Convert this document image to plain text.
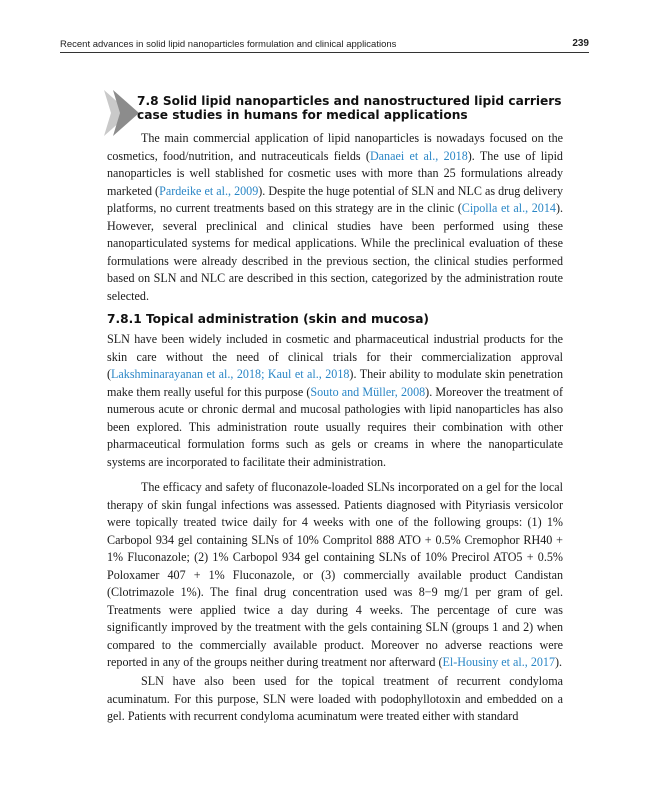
Recent advances in solid lipid nanoparticles formulation and clinical applications	239
7.8 Solid lipid nanoparticles and nanostructured lipid carriers
case studies in humans for medical applications

The main commercial application of lipid nanoparticles is nowadays focused on the cosmetics, food/nutrition, and nutraceuticals fields (Danaei et al., 2018). The use of lipid nanoparticles is well stablished for cosmetic uses with more than 25 formulations already marketed (Pardeike et al., 2009). Despite the huge potential of SLN and NLC as drug delivery platforms, no current treatments based on this strategy are in the clinic (Cipolla et al., 2014). However, several preclinical and clinical studies have been performed using these nanoparticulated systems for medical applications. While the preclinical evaluation of these formulations were already described in the previous section, the clinical studies performed based on SLN and NLC are described in this section, categorized by the administration route selected.

7.8.1 Topical administration (skin and mucosa)

SLN have been widely included in cosmetic and pharmaceutical industrial products for the skin care without the need of clinical trials for their commercialization approval (Lakshminarayanan et al., 2018; Kaul et al., 2018). Their ability to modulate skin penetration make them really useful for this purpose (Souto and Müller, 2008). Moreover the treatment of numerous acute or chronic dermal and mucosal pathologies with lipid nanoparticles has also been explored. This administration route usually requires their combination with other pharmaceutical formulation forms such as gels or creams in where the nanoparticulate systems are incorporated to facilitate their administration.

The efficacy and safety of fluconazole-loaded SLNs incorporated on a gel for the local therapy of skin fungal infections was assessed. Patients diagnosed with Pityriasis versicolor were topically treated twice daily for 4 weeks with one of the following groups: (1) 1% Carbopol 934 gel containing SLNs of 10% Compritol 888 ATO + 0.5% Cremophor RH40 + 1% Fluconazole; (2) 1% Carbopol 934 gel containing SLNs of 10% Precirol ATO5 + 0.5% Poloxamer 407 + 1% Fluconazole, or (3) commercially available product Candistan (Clotrimazole 1%). The final drug concentration used was 8−9 mg/1 per gram of gel. Treatments were applied twice a day during 4 weeks. The percentage of cure was significantly improved by the treatment with the gels containing SLN (groups 1 and 2) when compared to the commercially available product. Moreover no adverse reactions were reported in any of the groups neither during treatment nor afterward (El-Housiny et al., 2017).

SLN have also been used for the topical treatment of recurrent condyloma acuminatum. For this purpose, SLN were loaded with podophyllotoxin and embedded on a gel. Patients with recurrent condyloma acuminatum were treated either with standard
